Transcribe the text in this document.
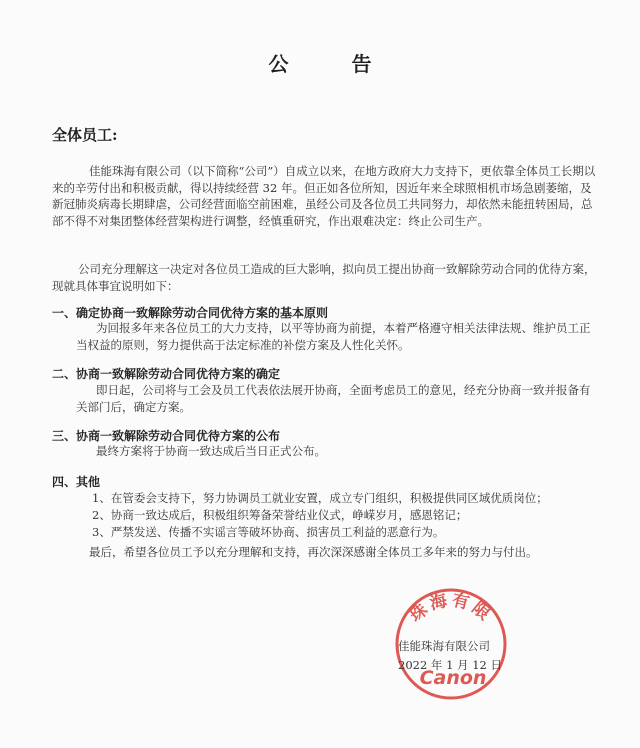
公 告
全体员工:
佳能珠海有限公司（以下简称“公司”）自成立以来，在地方政府大力支持下，更依靠全体员工长期以来的辛劳付出和积极贡献，得以持续经营 32 年。但正如各位所知，因近年来全球照相机市场急剧萎缩，及新冠肺炎病毒长期肆虐，公司经营面临空前困难，虽经公司及各位员工共同努力，却依然未能扭转困局，总部不得不对集团整体经营架构进行调整，经慎重研究，作出艰难决定：终止公司生产。
公司充分理解这一决定对各位员工造成的巨大影响，拟向员工提出协商一致解除劳动合同的优待方案，现就具体事宜说明如下：
一、确定协商一致解除劳动合同优待方案的基本原则
为回报多年来各位员工的大力支持，以平等协商为前提，本着严格遵守相关法律法规、维护员工正当权益的原则，努力提供高于法定标准的补偿方案及人性化关怀。
二、协商一致解除劳动合同优待方案的确定
即日起，公司将与工会及员工代表依法展开协商，全面考虑员工的意见，经充分协商一致并报备有关部门后，确定方案。
三、协商一致解除劳动合同优待方案的公布
最终方案将于协商一致达成后当日正式公布。
四、其他
1、在管委会支持下，努力协调员工就业安置，成立专门组织，积极提供同区域优质岗位；
2、协商一致达成后，积极组织筹备荣誉结业仪式，峥嵘岁月，感恩铭记；
3、严禁发送、传播不实谣言等破坏协商、损害员工利益的恶意行为。
最后，希望各位员工予以充分理解和支持，再次深深感谢全体员工多年来的努力与付出。
珠海有限
Canon
佳能珠海有限公司
2022 年 1 月 12 日
